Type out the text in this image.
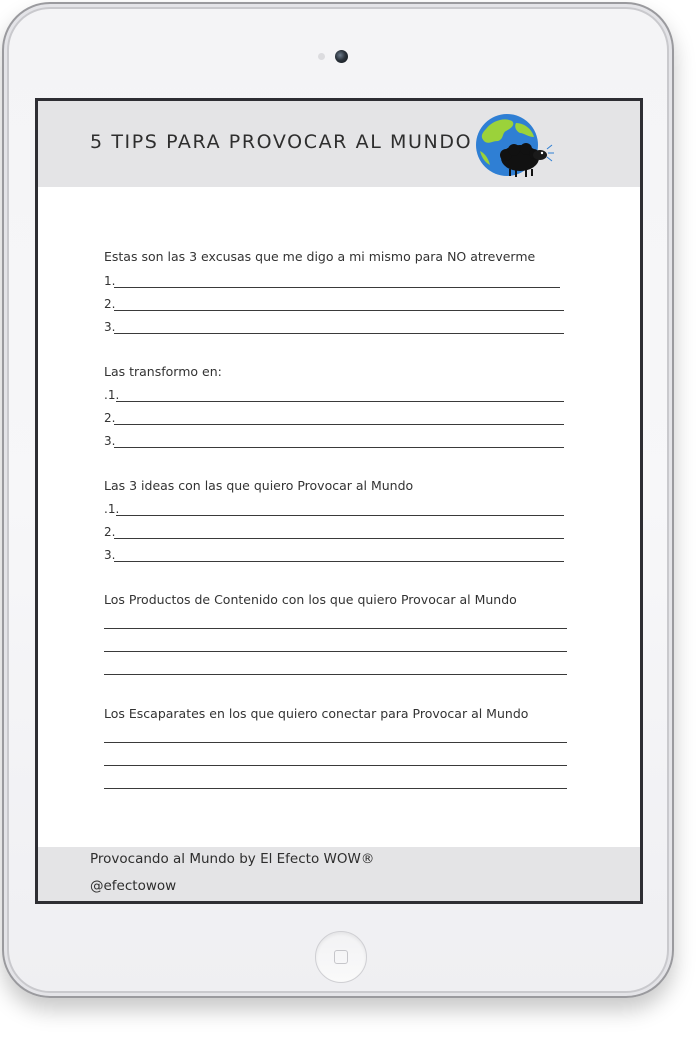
5 TIPS PARA PROVOCAR AL MUNDO
Estas son las 3 excusas que me digo a mi mismo para NO atreverme
1.
2.
3.
Las transformo en:
.1.
2.
3.
Las 3 ideas con las que quiero Provocar al Mundo
.1.
2.
3.
Los Productos de Contenido con los que quiero Provocar al Mundo
Los Escaparates en los que quiero conectar para Provocar al Mundo
Provocando al Mundo by El Efecto WOW®
@efectowow
